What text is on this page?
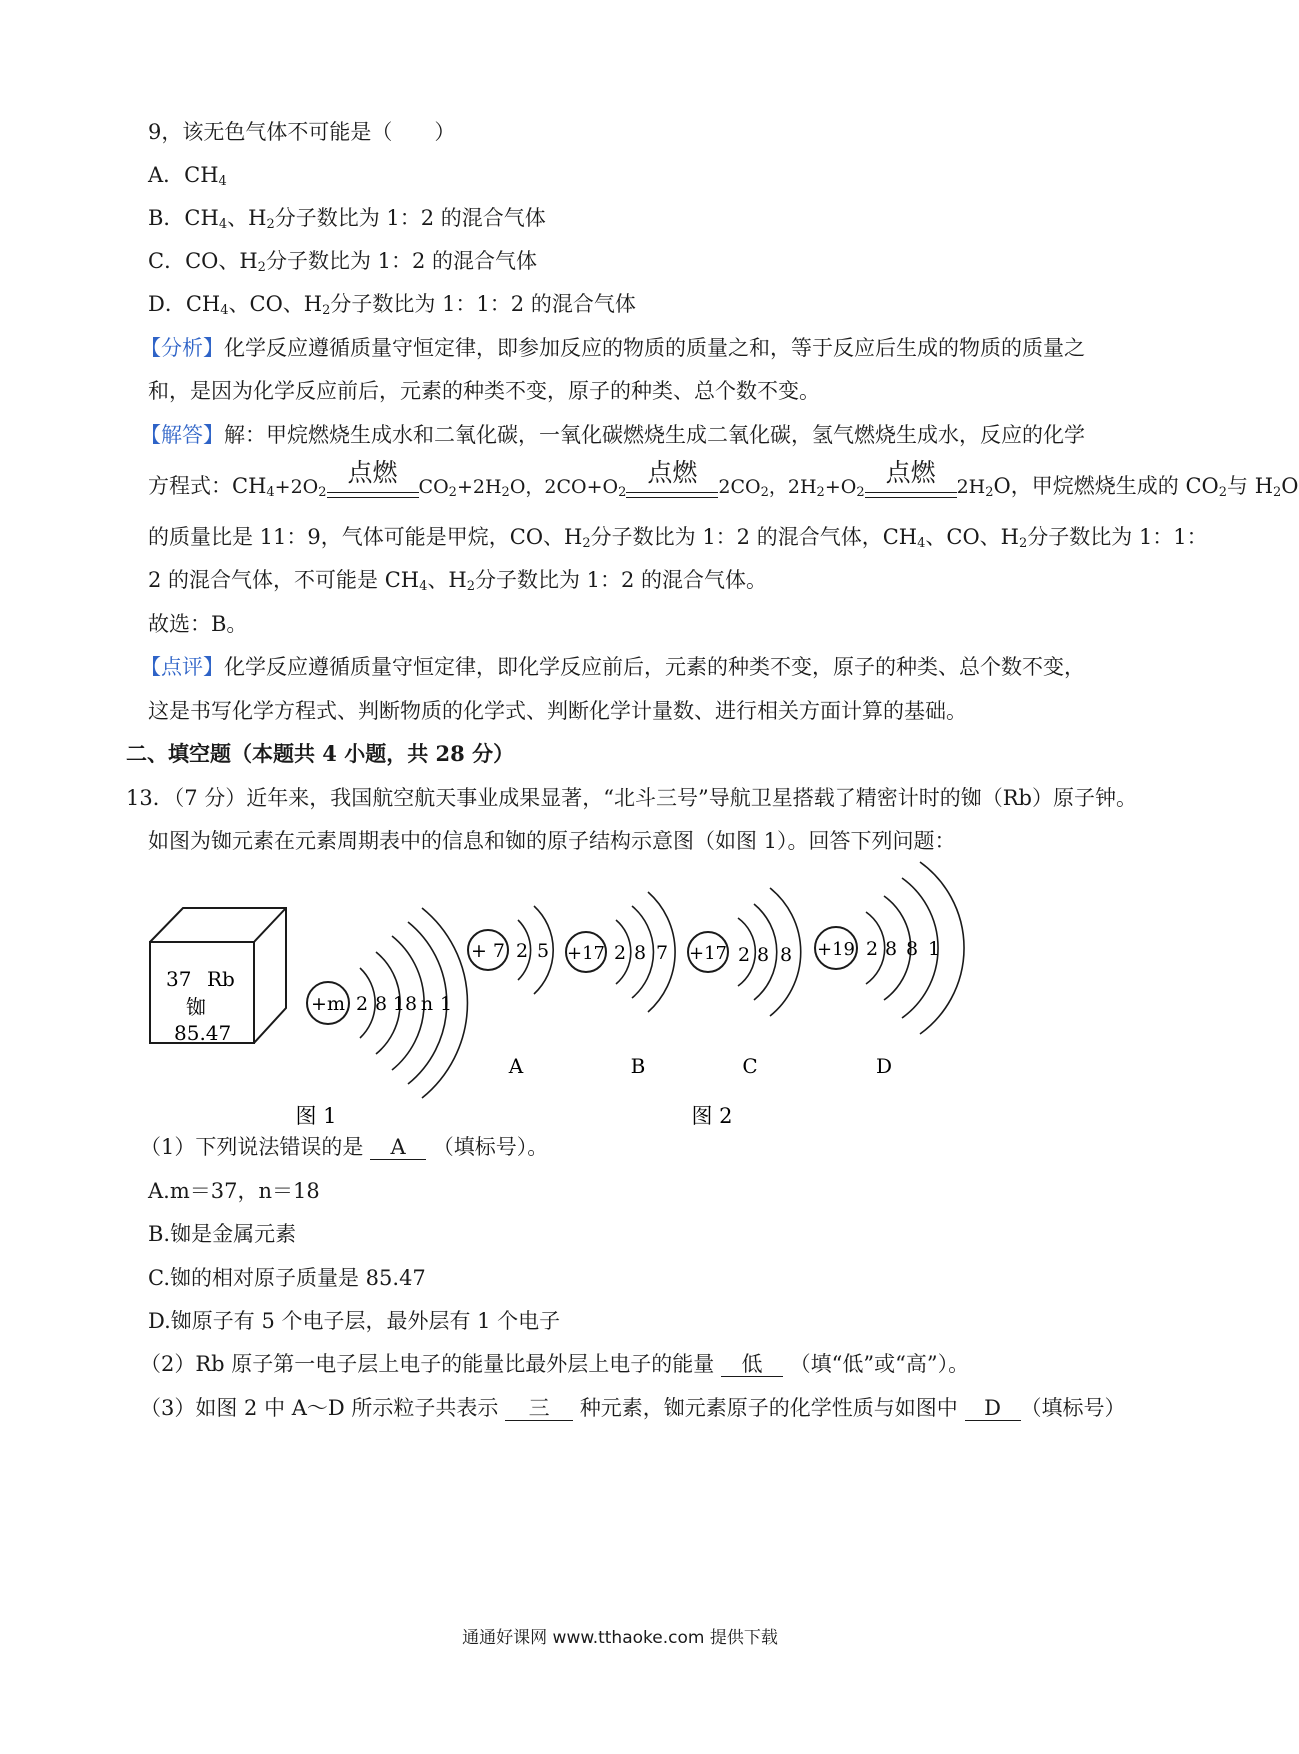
9，该无色气体不可能是（　　）
A．$CH_4$
B．$CH_4$、$H_2$分子数比为 1：2 的混合气体
C．CO、$H_2$分子数比为 1：2 的混合气体
D．$CH_4$、CO、$H_2$分子数比为 1：1：2 的混合气体
【分析】化学反应遵循质量守恒定律，即参加反应的物质的质量之和，等于反应后生成的物质的质量之
和，是因为化学反应前后，元素的种类不变，原子的种类、总个数不变。
【解答】解：甲烷燃烧生成水和二氧化碳，一氧化碳燃烧生成二氧化碳，氢气燃烧生成水，反应的化学
方程式：$CH_4+2O_2$
点燃	$CO_2+2H_2O$，$2CO+O_2$
点燃	$2CO_2$，$2H_2+O_2$
点燃	$2H_2O$，甲烷燃烧生成的 $CO_2$与 $H_2O$
的质量比是 11：9，气体可能是甲烷，CO、$H_2$分子数比为 1：2 的混合气体，$CH_4$、CO、$H_2$分子数比为 1：1：
2 的混合气体，不可能是 $CH_4$、$H_2$分子数比为 1：2 的混合气体。
故选：B。
【点评】化学反应遵循质量守恒定律，即化学反应前后，元素的种类不变，原子的种类、总个数不变，
这是书写化学方程式、判断物质的化学式、判断化学计量数、进行相关方面计算的基础。
二、填空题（本题共 4 小题，共 28 分）
13．（7 分）近年来，我国航空航天事业成果显著，“北斗三号”导航卫星搭载了精密计时的铷（Rb）原子钟。
如图为铷元素在元素周期表中的信息和铷的原子结构示意图（如图 1）。回答下列问题：
37 Rb
铷
85.47
+m 2 8 18 n 1
+ 7 2 5 +17 2 8 7 +17 2 8 8 +19 2 8 8 1
A	B	C	D
图 1	图 2
（1）下列说法错误的是 A （填标号）。
A.m＝37，n＝18
B.铷是金属元素
C.铷的相对原子质量是 85.47
D.铷原子有 5 个电子层，最外层有 1 个电子
（2）Rb 原子第一电子层上电子的能量比最外层上电子的能量 低 （填“低”或“高”）。
（3）如图 2 中 A～D 所示粒子共表示 三 种元素，铷元素原子的化学性质与如图中 D （填标号）
通通好课网 www.tthaoke.com 提供下载
